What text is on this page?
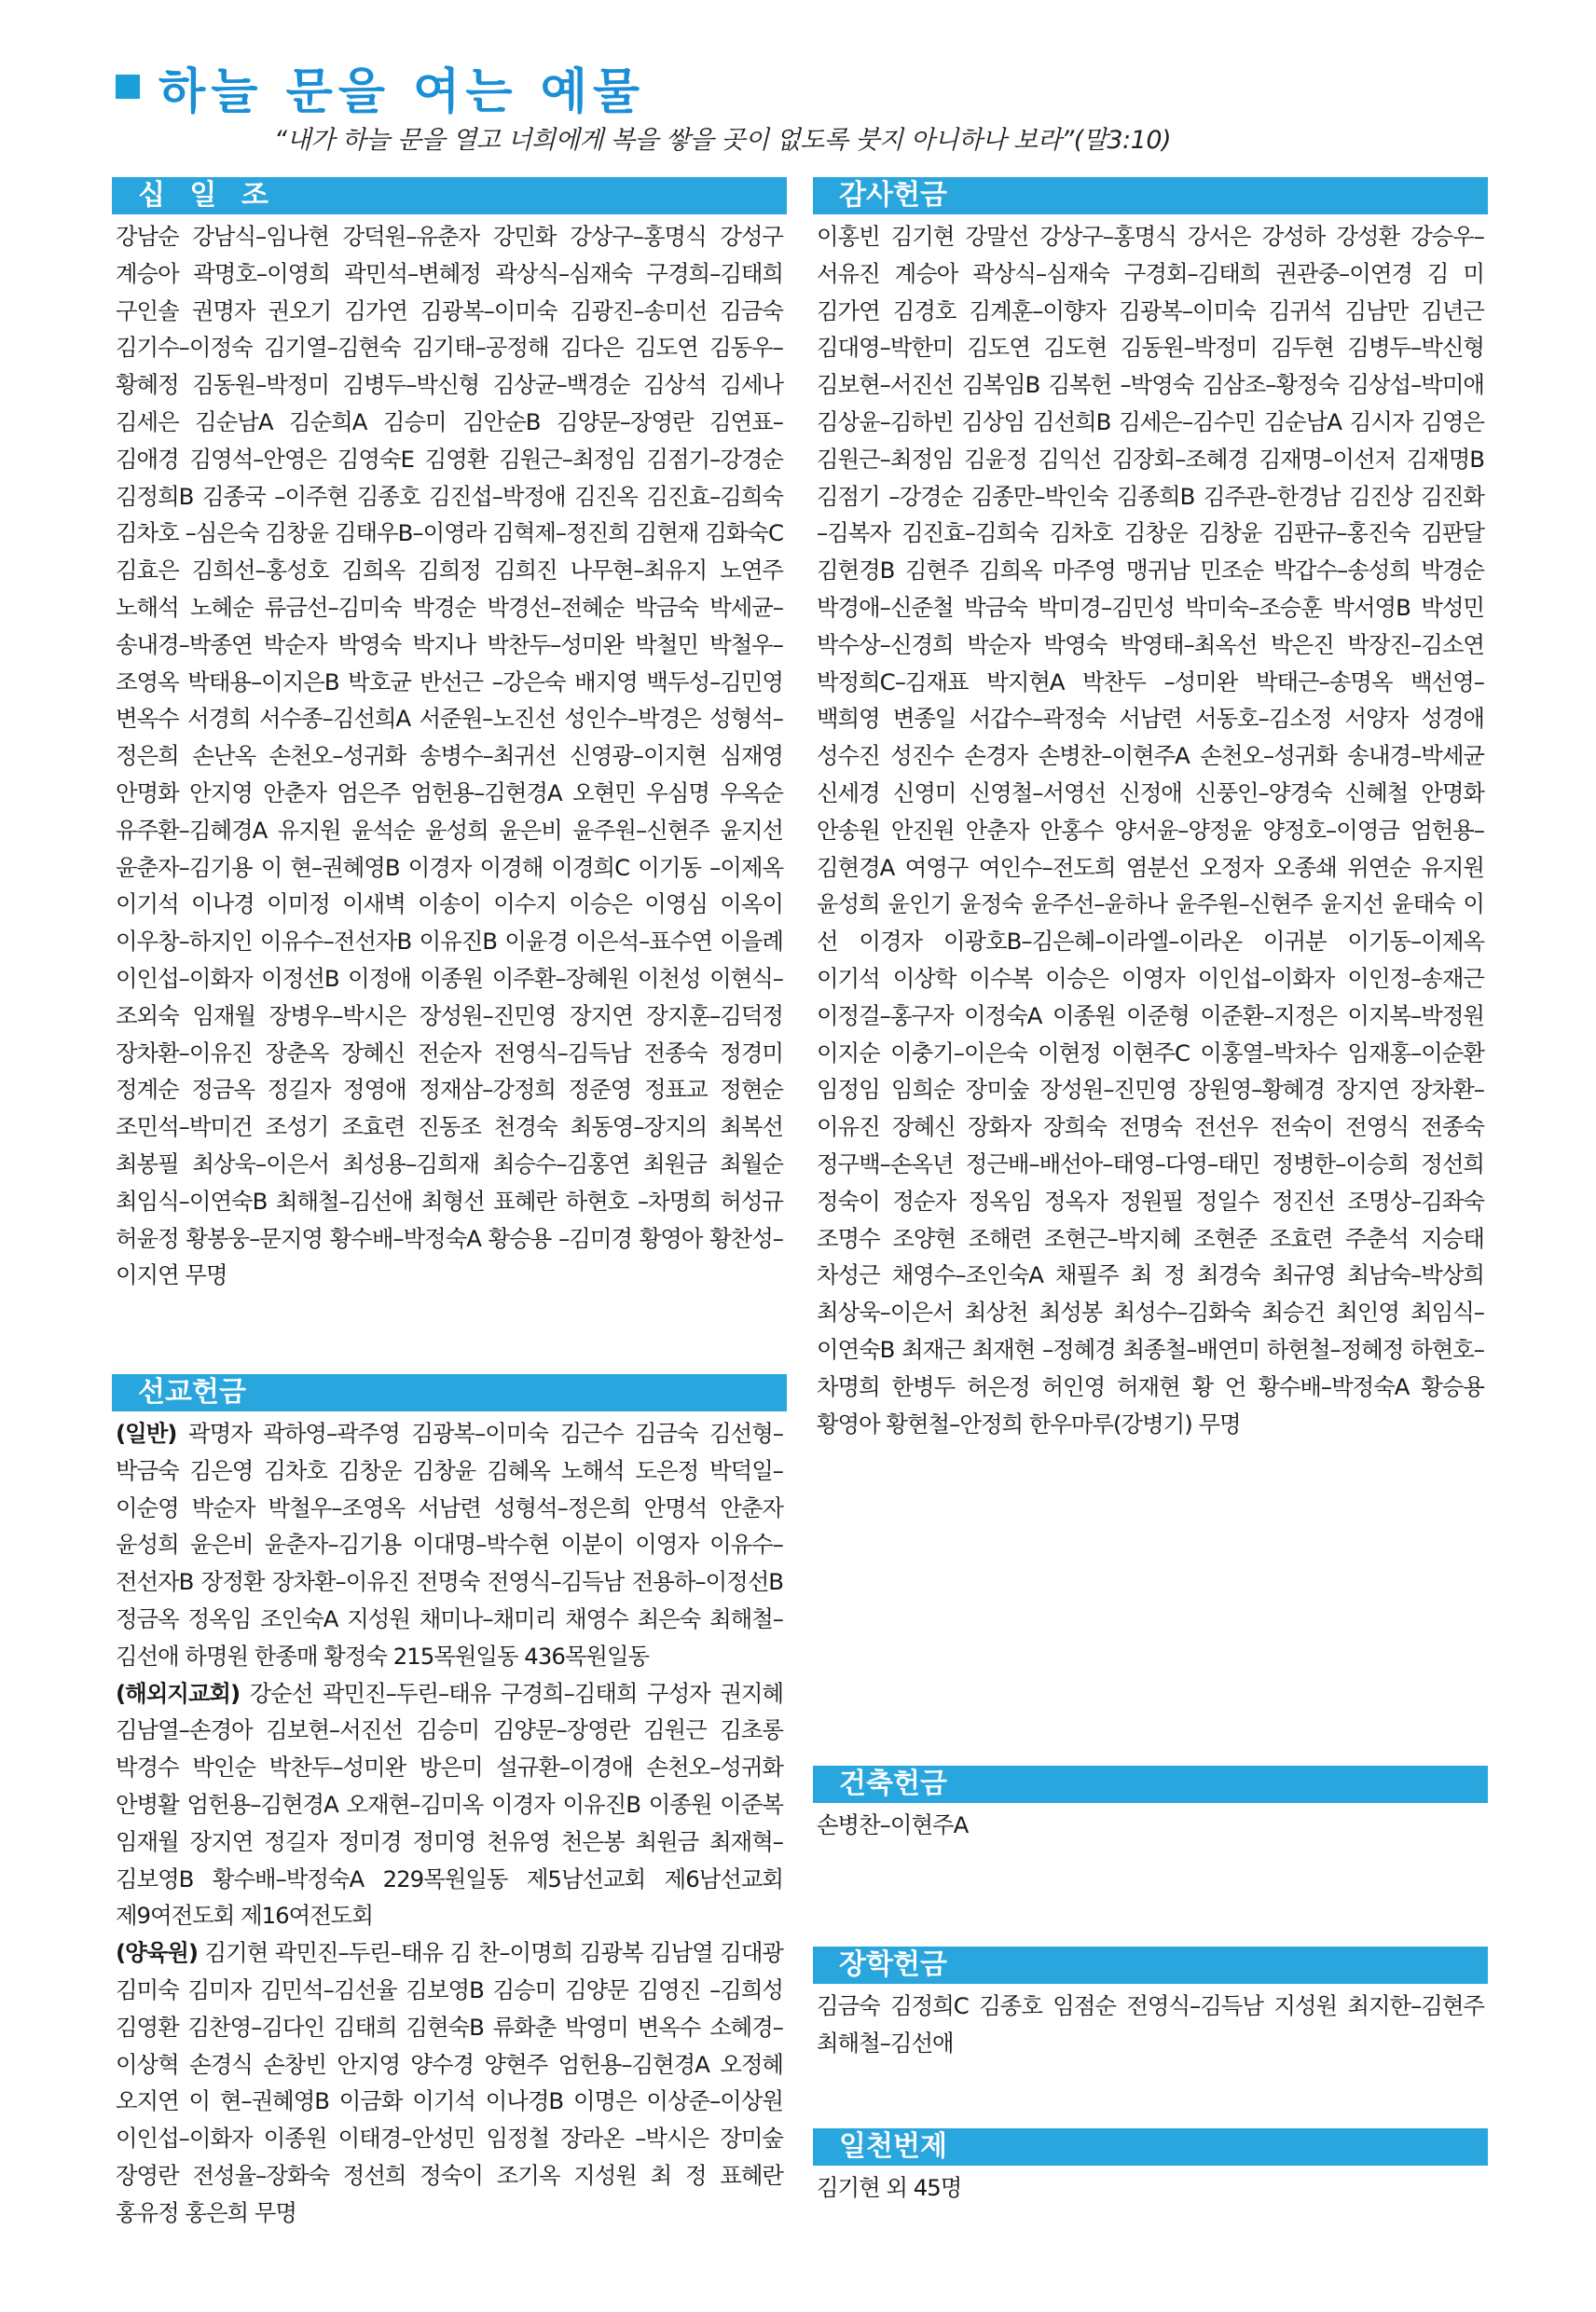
하늘 문을 여는 예물
“내가 하늘 문을 열고 너희에게 복을 쌓을 곳이 없도록 붓지 아니하나 보라”(말3:10)
십 일 조
강남순 강남식–임나현 강덕원–유춘자 강민화 강상구–홍명식 강성구 계승아 곽명호–이영희 곽민석–변혜정 곽상식–심재숙 구경희–김태희 구인솔 권명자 권오기 김가연 김광복–이미숙 김광진–송미선 김금숙 김기수–이정숙 김기열–김현숙 김기태–공정해 김다은 김도연 김동우–황혜정 김동원–박정미 김병두–박신형 김상균–백경순 김상석 김세나 김세은 김순남A 김순희A 김승미 김안순B 김양문–장영란 김연표–김애경 김영석–안영은 김영숙E 김영환 김원근–최정임 김점기–강경순 김정희B 김종국 –이주현 김종호 김진섭–박정애 김진옥 김진효–김희숙 김차호 –심은숙 김창윤 김태우B–이영라 김혁제–정진희 김현재 김화숙C 김효은 김희선–홍성호 김희옥 김희정 김희진 나무현–최유지 노연주 노해석 노혜순 류금선–김미숙 박경순 박경선–전혜순 박금숙 박세균–송내경–박종연 박순자 박영숙 박지나 박찬두–성미완 박철민 박철우–조영옥 박태용–이지은B 박호균 반선근 –강은숙 배지영 백두성–김민영 변옥수 서경희 서수종–김선희A 서준원–노진선 성인수–박경은 성형석–정은희 손난옥 손천오–성귀화 송병수–최귀선 신영광–이지현 심재영 안명화 안지영 안춘자 엄은주 엄헌용–김현경A 오현민 우심명 우옥순 유주환–김혜경A 유지원 윤석순 윤성희 윤은비 윤주원–신현주 윤지선 윤춘자–김기용 이 현–권혜영B 이경자 이경해 이경희C 이기동 –이제옥 이기석 이나경 이미정 이새벽 이송이 이수지 이승은 이영심 이옥이 이우창–하지인 이유수–전선자B 이유진B 이윤경 이은석–표수연 이을례 이인섭–이화자 이정선B 이정애 이종원 이주환–장혜원 이천성 이현식–조외숙 임재월 장병우–박시은 장성원–진민영 장지연 장지훈–김덕정 장차환–이유진 장춘옥 장혜신 전순자 전영식–김득남 전종숙 정경미 정계순 정금옥 정길자 정영애 정재삼–강정희 정준영 정표교 정현순 조민석–박미건 조성기 조효련 진동조 천경숙 최동영–장지의 최복선 최봉필 최상욱–이은서 최성용–김희재 최승수–김홍연 최원금 최월순 최임식–이연숙B 최해철–김선애 최형선 표혜란 하현호 –차명희 허성규 허윤정 황봉웅–문지영 황수배–박정숙A 황승용 –김미경 황영아 황찬성–이지연 무명
선교헌금

(일반) 곽명자 곽하영–곽주영 김광복–이미숙 김근수 김금숙 김선형–박금숙 김은영 김차호 김창운 김창윤 김혜옥 노해석 도은정 박덕일–이순영 박순자 박철우–조영옥 서남련 성형석–정은희 안명석 안춘자 윤성희 윤은비 윤춘자–김기용 이대명–박수현 이분이 이영자 이유수–전선자B 장정환 장차환–이유진 전명숙 전영식–김득남 전용하–이정선B 정금옥 정옥임 조인숙A 지성원 채미나–채미리 채영수 최은숙 최해철–김선애 하명원 한종매 황정숙 215목원일동 436목원일동

(해외지교회) 강순선 곽민진–두린–태유 구경희–김태희 구성자 권지혜 김남열–손경아 김보현–서진선 김승미 김양문–장영란 김원근 김초롱 박경수 박인순 박찬두–성미완 방은미 설규환–이경애 손천오–성귀화 안병활 엄헌용–김현경A 오재현–김미옥 이경자 이유진B 이종원 이준복 임재월 장지연 정길자 정미경 정미영 천유영 천은봉 최원금 최재혁–김보영B 황수배–박정숙A 229목원일동 제5남선교회 제6남선교회 제9여전도회 제16여전도회

(양육원) 김기현 곽민진–두린–태유 김 찬–이명희 김광복 김남열 김대광 김미숙 김미자 김민석–김선율 김보영B 김승미 김양문 김영진 –김희성 김영환 김찬영–김다인 김태희 김현숙B 류화춘 박영미 변옥수 소혜경–이상혁 손경식 손창빈 안지영 양수경 양현주 엄헌용–김현경A 오정혜 오지연 이 현–권혜영B 이금화 이기석 이나경B 이명은 이상준–이상원 이인섭–이화자 이종원 이태경–안성민 임정철 장라온 –박시은 장미숲 장영란 전성율–장화숙 정선희 정숙이 조기옥 지성원 최 정 표혜란 홍유정 홍은희 무명

감사헌금
이홍빈 김기현 강말선 강상구–홍명식 강서은 강성하 강성환 강승우–서유진 계승아 곽상식–심재숙 구경회–김태희 권관중–이연경 김 미 김가연 김경호 김계훈–이향자 김광복–이미숙 김귀석 김남만 김년근 김대영–박한미 김도연 김도현 김동원–박정미 김두현 김병두–박신형 김보현–서진선 김복임B 김복헌 –박영숙 김삼조–황정숙 김상섭–박미애 김상윤–김하빈 김상임 김선희B 김세은–김수민 김순남A 김시자 김영은 김원근–최정임 김윤정 김익선 김장회–조혜경 김재명–이선저 김재명B 김점기 –강경순 김종만–박인숙 김종희B 김주관–한경남 김진상 김진화 –김복자 김진효–김희숙 김차호 김창운 김창윤 김판규–홍진숙 김판달 김현경B 김현주 김희옥 마주영 맹귀남 민조순 박갑수–송성희 박경순 박경애–신준철 박금숙 박미경–김민성 박미숙–조승훈 박서영B 박성민 박수상–신경희 박순자 박영숙 박영태–최옥선 박은진 박장진–김소연 박정희C–김재표 박지현A 박찬두 –성미완 박태근–송명옥 백선영–백희영 변종일 서갑수–곽정숙 서남련 서동호–김소정 서양자 성경애 성수진 성진수 손경자 손병찬–이현주A 손천오–성귀화 송내경–박세균 신세경 신영미 신영철–서영선 신정애 신풍인–양경숙 신혜철 안명화 안송원 안진원 안춘자 안홍수 양서윤–양정윤 양정호–이영금 엄헌용–김현경A 여영구 여인수–전도희 염분선 오정자 오종쇄 위연순 유지원 윤성희 윤인기 윤정숙 윤주선–윤하나 윤주원–신현주 윤지선 윤태숙 이 선 이경자 이광호B–김은혜–이라엘–이라온 이귀분 이기동–이제옥 이기석 이상학 이수복 이승은 이영자 이인섭–이화자 이인정–송재근 이정걸–홍구자 이정숙A 이종원 이준형 이준환–지정은 이지복–박정원 이지순 이충기–이은숙 이현정 이현주C 이홍열–박차수 임재홍–이순환 임정임 임희순 장미숲 장성원–진민영 장원영–황혜경 장지연 장차환–이유진 장혜신 장화자 장희숙 전명숙 전선우 전숙이 전영식 전종숙 정구백–손옥년 정근배–배선아–태영–다영–태민 정병한–이승희 정선희 정숙이 정순자 정옥임 정옥자 정원필 정일수 정진선 조명상–김좌숙 조명수 조양현 조해련 조현근–박지혜 조현준 조효련 주춘석 지승태 차성근 채영수–조인숙A 채필주 최 정 최경숙 최규영 최남숙–박상희 최상욱–이은서 최상천 최성봉 최성수–김화숙 최승건 최인영 최임식–이연숙B 최재근 최재현 –정혜경 최종철–배연미 하현철–정혜정 하현호–차명희 한병두 허은정 허인영 허재현 황 언 황수배–박정숙A 황승용 황영아 황현철–안정희 한우마루(강병기) 무명
건축헌금
손병찬–이현주A
장학헌금
김금숙 김정희C 김종호 임점순 전영식–김득남 지성원 최지한–김현주 최해철–김선애
일천번제
김기현 외 45명
